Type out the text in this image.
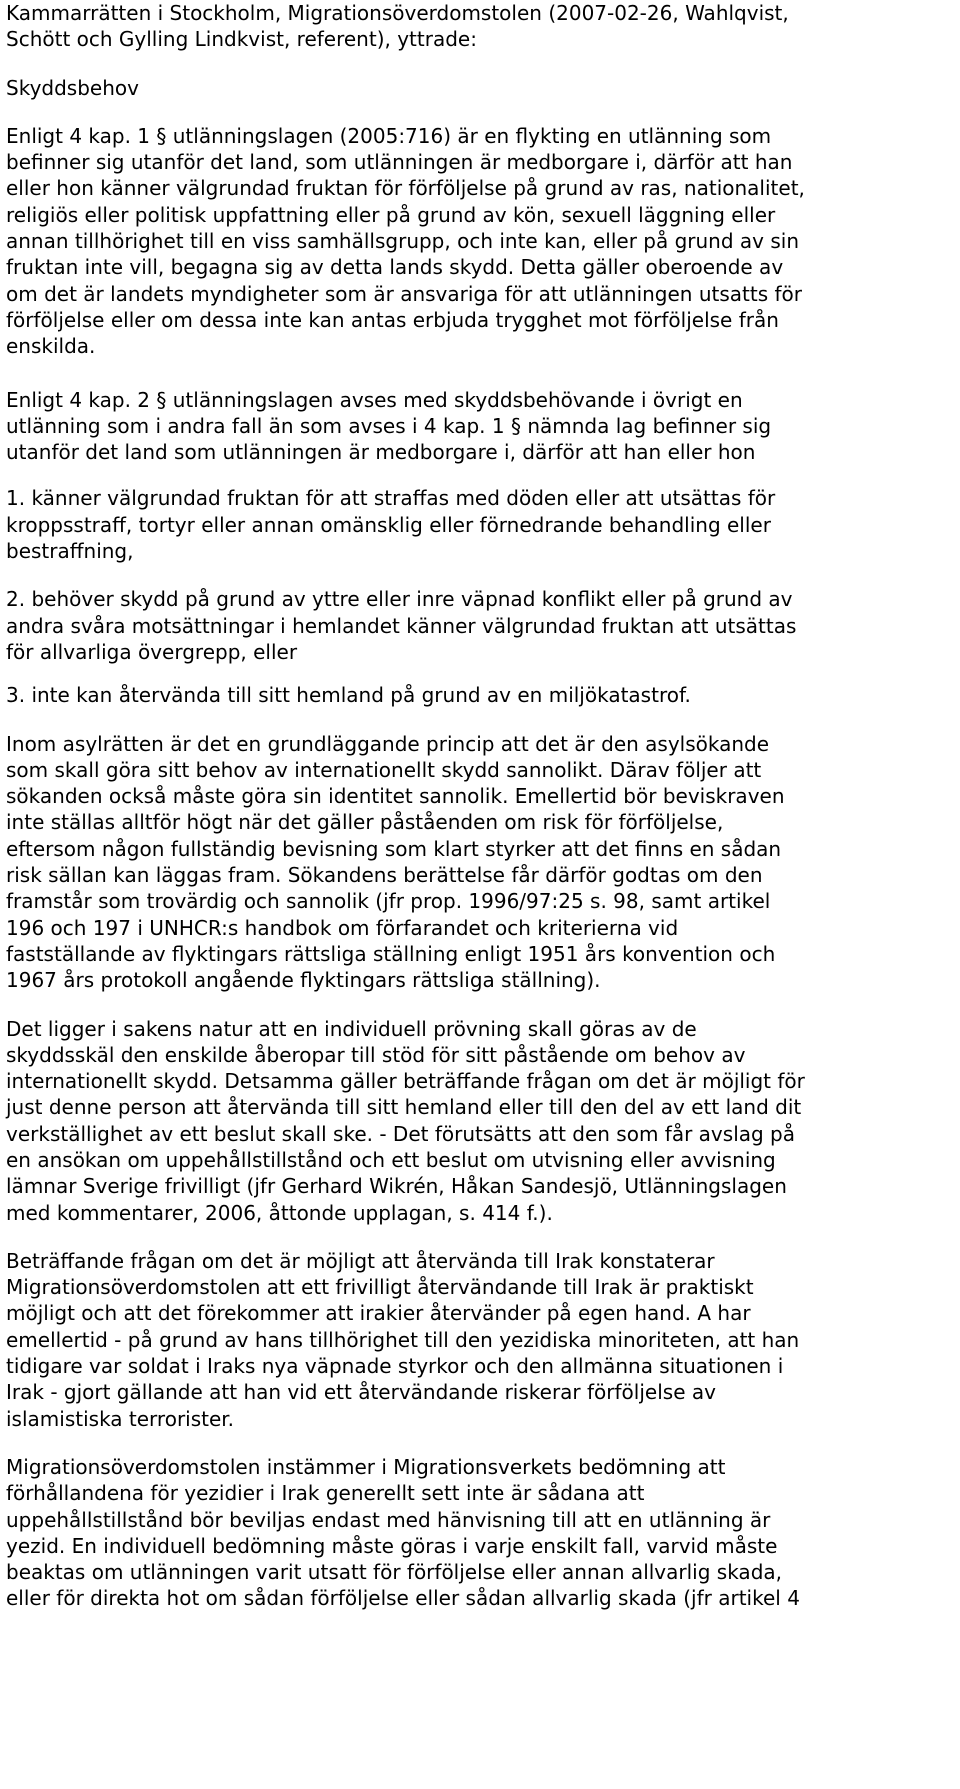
Kammarrätten i Stockholm, Migrationsöverdomstolen (2007-02-26, Wahlqvist,
Schött och Gylling Lindkvist, referent), yttrade:

Skyddsbehov

Enligt 4 kap. 1 § utlänningslagen (2005:716) är en flykting en utlänning som
befinner sig utanför det land, som utlänningen är medborgare i, därför att han
eller hon känner välgrundad fruktan för förföljelse på grund av ras, nationalitet,
religiös eller politisk uppfattning eller på grund av kön, sexuell läggning eller
annan tillhörighet till en viss samhällsgrupp, och inte kan, eller på grund av sin
fruktan inte vill, begagna sig av detta lands skydd. Detta gäller oberoende av
om det är landets myndigheter som är ansvariga för att utlänningen utsatts för
förföljelse eller om dessa inte kan antas erbjuda trygghet mot förföljelse från
enskilda.

Enligt 4 kap. 2 § utlänningslagen avses med skyddsbehövande i övrigt en
utlänning som i andra fall än som avses i 4 kap. 1 § nämnda lag befinner sig
utanför det land som utlänningen är medborgare i, därför att han eller hon

1. känner välgrundad fruktan för att straffas med döden eller att utsättas för
kroppsstraff, tortyr eller annan omänsklig eller förnedrande behandling eller
bestraffning,

2. behöver skydd på grund av yttre eller inre väpnad konflikt eller på grund av
andra svåra motsättningar i hemlandet känner välgrundad fruktan att utsättas
för allvarliga övergrepp, eller

3. inte kan återvända till sitt hemland på grund av en miljökatastrof.

Inom asylrätten är det en grundläggande princip att det är den asylsökande
som skall göra sitt behov av internationellt skydd sannolikt. Därav följer att
sökanden också måste göra sin identitet sannolik. Emellertid bör beviskraven
inte ställas alltför högt när det gäller påståenden om risk för förföljelse,
eftersom någon fullständig bevisning som klart styrker att det finns en sådan
risk sällan kan läggas fram. Sökandens berättelse får därför godtas om den
framstår som trovärdig och sannolik (jfr prop. 1996/97:25 s. 98, samt artikel
196 och 197 i UNHCR:s handbok om förfarandet och kriterierna vid
fastställande av flyktingars rättsliga ställning enligt 1951 års konvention och
1967 års protokoll angående flyktingars rättsliga ställning).

Det ligger i sakens natur att en individuell prövning skall göras av de
skyddsskäl den enskilde åberopar till stöd för sitt påstående om behov av
internationellt skydd. Detsamma gäller beträffande frågan om det är möjligt för
just denne person att återvända till sitt hemland eller till den del av ett land dit
verkställighet av ett beslut skall ske. - Det förutsätts att den som får avslag på
en ansökan om uppehållstillstånd och ett beslut om utvisning eller avvisning
lämnar Sverige frivilligt (jfr Gerhard Wikrén, Håkan Sandesjö, Utlänningslagen
med kommentarer, 2006, åttonde upplagan, s. 414 f.).

Beträffande frågan om det är möjligt att återvända till Irak konstaterar
Migrationsöverdomstolen att ett frivilligt återvändande till Irak är praktiskt
möjligt och att det förekommer att irakier återvänder på egen hand. A har
emellertid - på grund av hans tillhörighet till den yezidiska minoriteten, att han
tidigare var soldat i Iraks nya väpnade styrkor och den allmänna situationen i
Irak - gjort gällande att han vid ett återvändande riskerar förföljelse av
islamistiska terrorister.

Migrationsöverdomstolen instämmer i Migrationsverkets bedömning att
förhållandena för yezidier i Irak generellt sett inte är sådana att
uppehållstillstånd bör beviljas endast med hänvisning till att en utlänning är
yezid. En individuell bedömning måste göras i varje enskilt fall, varvid måste
beaktas om utlänningen varit utsatt för förföljelse eller annan allvarlig skada,
eller för direkta hot om sådan förföljelse eller sådan allvarlig skada (jfr artikel 4
